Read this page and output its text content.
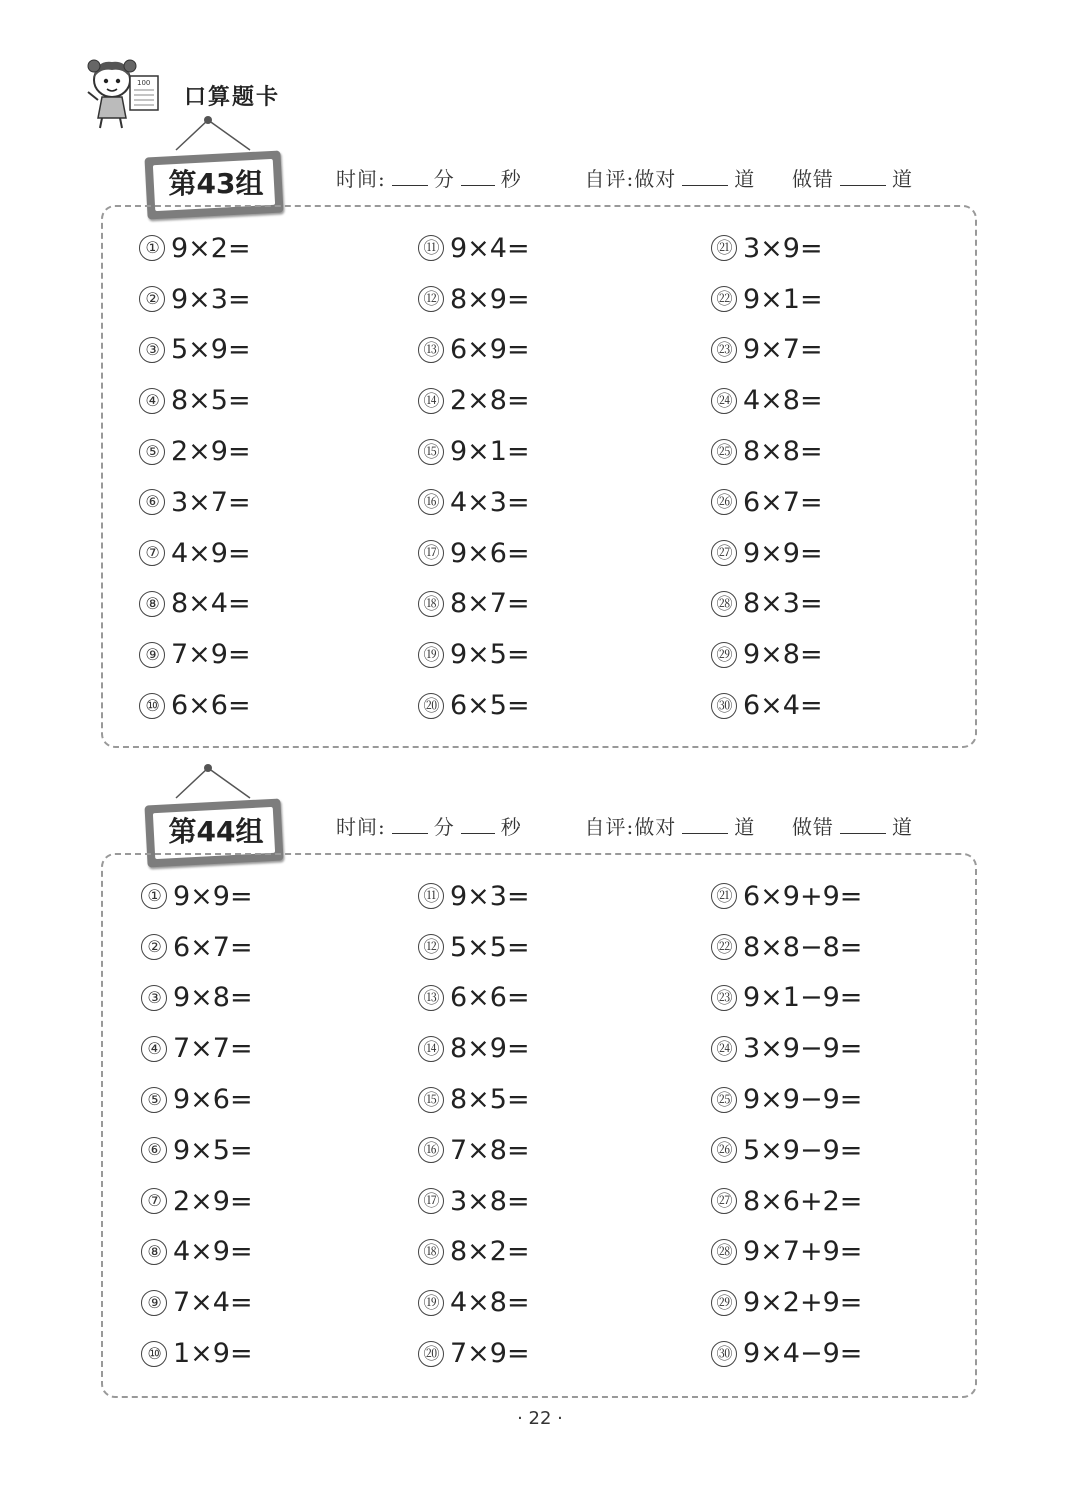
100
口算题卡
第43组	时间: 分 秒	自评:做对	道 做错	道
① 9×2=
② 9×3=
③ 5×9=
④ 8×5=
⑤ 2×9=
⑥ 3×7=
⑦ 4×9=
⑧ 8×4=
⑨ 7×9=
⑩ 6×6=
⑪ 9×4=
⑫ 8×9=
⑬ 6×9=
⑭ 2×8=
⑮ 9×1=
⑯ 4×3=
⑰ 9×6=
⑱ 8×7=
⑲ 9×5=
⑳ 6×5=
㉑ 3×9=
㉒ 9×1=
㉓ 9×7=
㉔ 4×8=
㉕ 8×8=
㉖ 6×7=
㉗ 9×9=
㉘ 8×3=
㉙ 9×8=
㉚ 6×4=
第44组	时间: 分 秒	自评:做对	道 做错	道
① 9×9=
② 6×7=
③ 9×8=
④ 7×7=
⑤ 9×6=
⑥ 9×5=
⑦ 2×9=
⑧ 4×9=
⑨ 7×4=
⑩ 1×9=
⑪ 9×3=
⑫ 5×5=
⑬ 6×6=
⑭ 8×9=
⑮ 8×5=
⑯ 7×8=
⑰ 3×8=
⑱ 8×2=
⑲ 4×8=
⑳ 7×9=
㉑ 6×9+9=
㉒ 8×8−8=
㉓ 9×1−9=
㉔ 3×9−9=
㉕ 9×9−9=
㉖ 5×9−9=
㉗ 8×6+2=
㉘ 9×7+9=
㉙ 9×2+9=
㉚ 9×4−9=
· 22 ·
